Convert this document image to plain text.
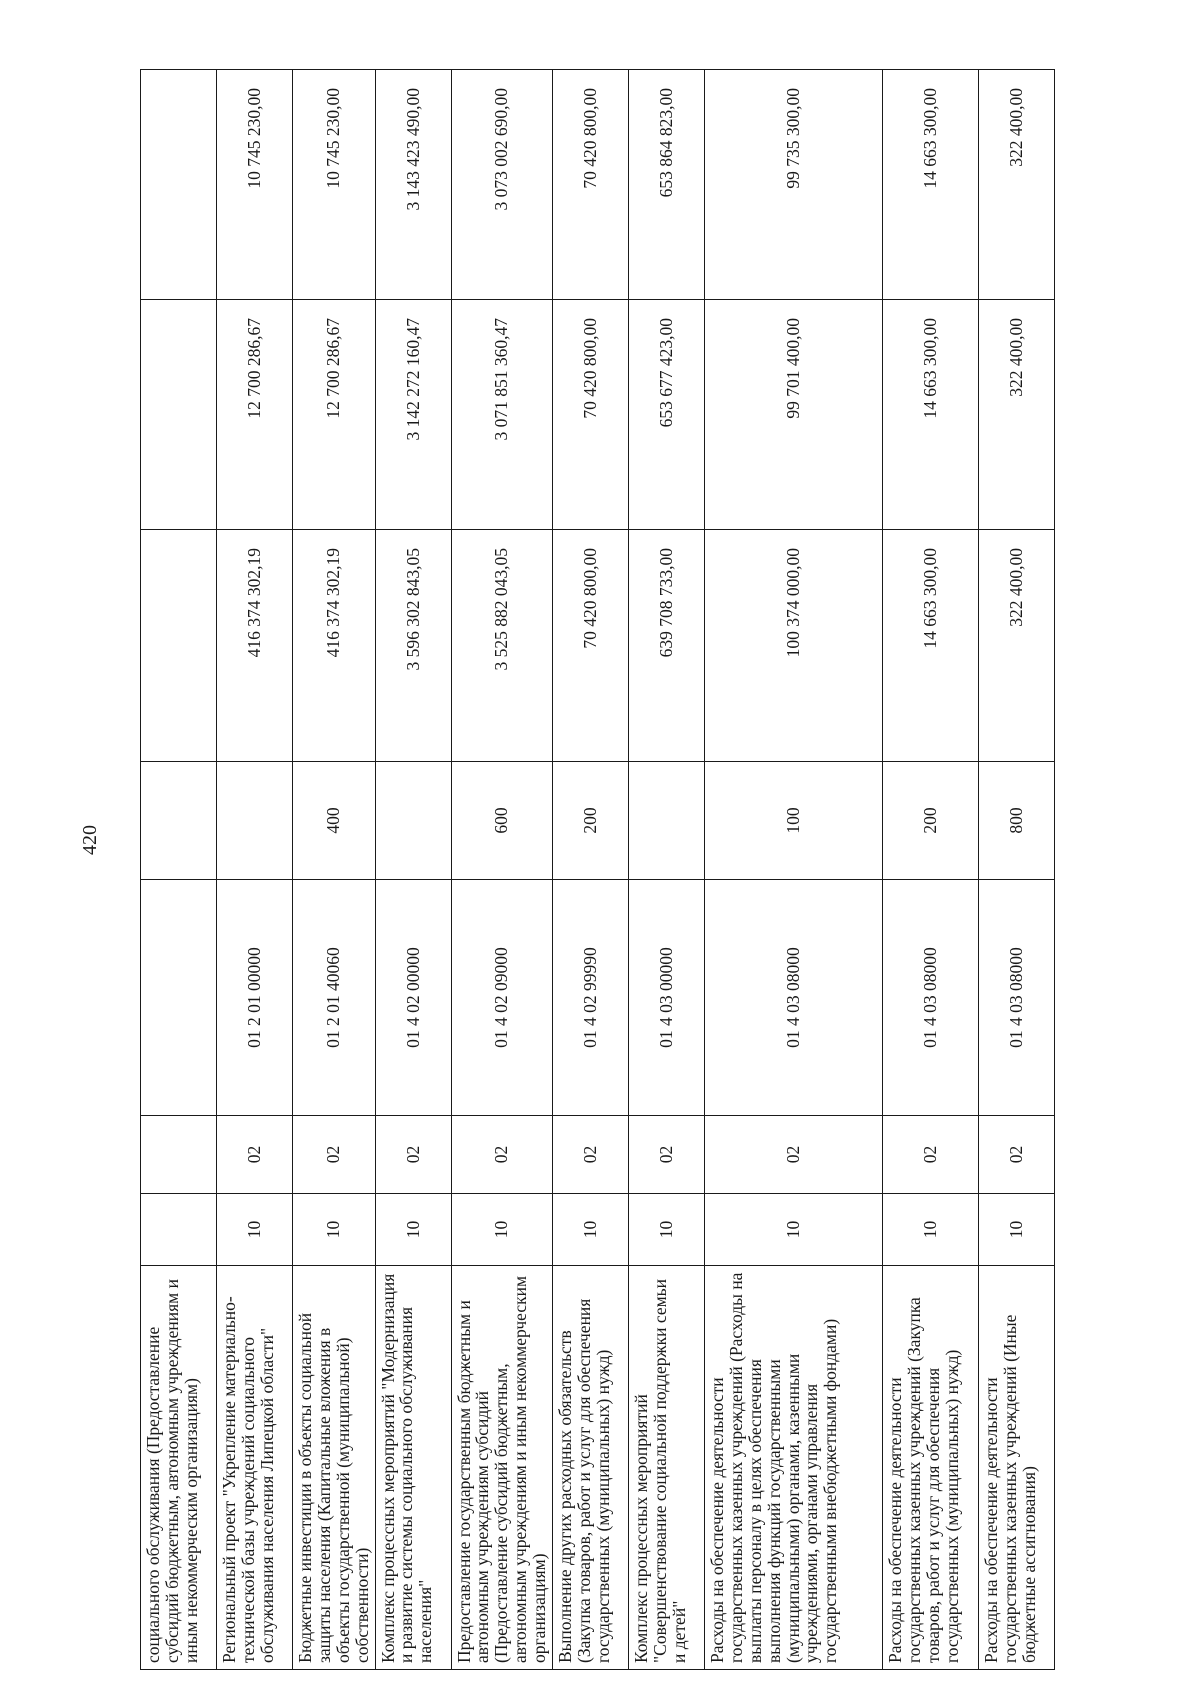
420
социального обслуживания (Предоставление субсидий бюджетным, автономным учреждениям и иным некоммерческим организациям)							
Региональный проект "Укрепление материально-технической базы учреждений социального обслуживания населения Липецкой области"	10	02	01 2 01 00000		416 374 302,19	12 700 286,67	10 745 230,00
Бюджетные инвестиции в объекты социальной защиты населения (Капитальные вложения в объекты государственной (муниципальной) собственности)	10	02	01 2 01 40060	400	416 374 302,19	12 700 286,67	10 745 230,00
Комплекс процессных мероприятий "Модернизация и развитие системы социального обслуживания населения"	10	02	01 4 02 00000		3 596 302 843,05	3 142 272 160,47	3 143 423 490,00
Предоставление государственным бюджетным и автономным учреждениям субсидий (Предоставление субсидий бюджетным, автономным учреждениям и иным некоммерческим организациям)	10	02	01 4 02 09000	600	3 525 882 043,05	3 071 851 360,47	3 073 002 690,00
Выполнение других расходных обязательств (Закупка товаров, работ и услуг для обеспечения государственных (муниципальных) нужд)	10	02	01 4 02 99990	200	70 420 800,00	70 420 800,00	70 420 800,00
Комплекс процессных мероприятий "Совершенствование социальной поддержки семьи и детей"	10	02	01 4 03 00000		639 708 733,00	653 677 423,00	653 864 823,00
Расходы на обеспечение деятельности государственных казенных учреждений (Расходы на выплаты персоналу в целях обеспечения выполнения функций государственными (муниципальными) органами, казенными учреждениями, органами управления государственными внебюджетными фондами)	10	02	01 4 03 08000	100	100 374 000,00	99 701 400,00	99 735 300,00
Расходы на обеспечение деятельности государственных казенных учреждений (Закупка товаров, работ и услуг для обеспечения государственных (муниципальных) нужд)	10	02	01 4 03 08000	200	14 663 300,00	14 663 300,00	14 663 300,00
Расходы на обеспечение деятельности государственных казенных учреждений (Иные бюджетные ассигнования)	10	02	01 4 03 08000	800	322 400,00	322 400,00	322 400,00
